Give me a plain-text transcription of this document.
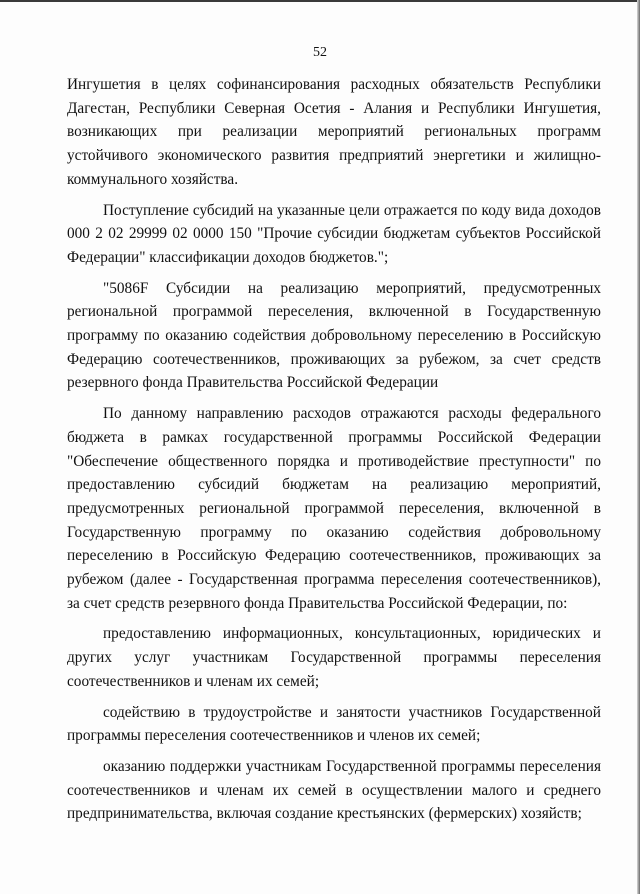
52

Ингушетия в целях софинансирования расходных обязательств Республики Дагестан, Республики Северная Осетия - Алания и Республики Ингушетия, возникающих при реализации мероприятий региональных программ устойчивого экономического развития предприятий энергетики и жилищно-коммунального хозяйства.

Поступление субсидий на указанные цели отражается по коду вида доходов 000 2 02 29999 02 0000 150 "Прочие субсидии бюджетам субъектов Российской Федерации" классификации доходов бюджетов.";

"5086F Субсидии на реализацию мероприятий, предусмотренных региональной программой переселения, включенной в Государственную программу по оказанию содействия добровольному переселению в Российскую Федерацию соотечественников, проживающих за рубежом, за счет средств резервного фонда Правительства Российской Федерации

По данному направлению расходов отражаются расходы федерального бюджета в рамках государственной программы Российской Федерации "Обеспечение общественного порядка и противодействие преступности" по предоставлению субсидий бюджетам на реализацию мероприятий, предусмотренных региональной программой переселения, включенной в Государственную программу по оказанию содействия добровольному переселению в Российскую Федерацию соотечественников, проживающих за рубежом (далее - Государственная программа переселения соотечественников), за счет средств резервного фонда Правительства Российской Федерации, по:

предоставлению информационных, консультационных, юридических и других услуг участникам Государственной программы переселения соотечественников и членам их семей;

содействию в трудоустройстве и занятости участников Государственной программы переселения соотечественников и членов их семей;

оказанию поддержки участникам Государственной программы переселения соотечественников и членам их семей в осуществлении малого и среднего предпринимательства, включая создание крестьянских (фермерских) хозяйств;
